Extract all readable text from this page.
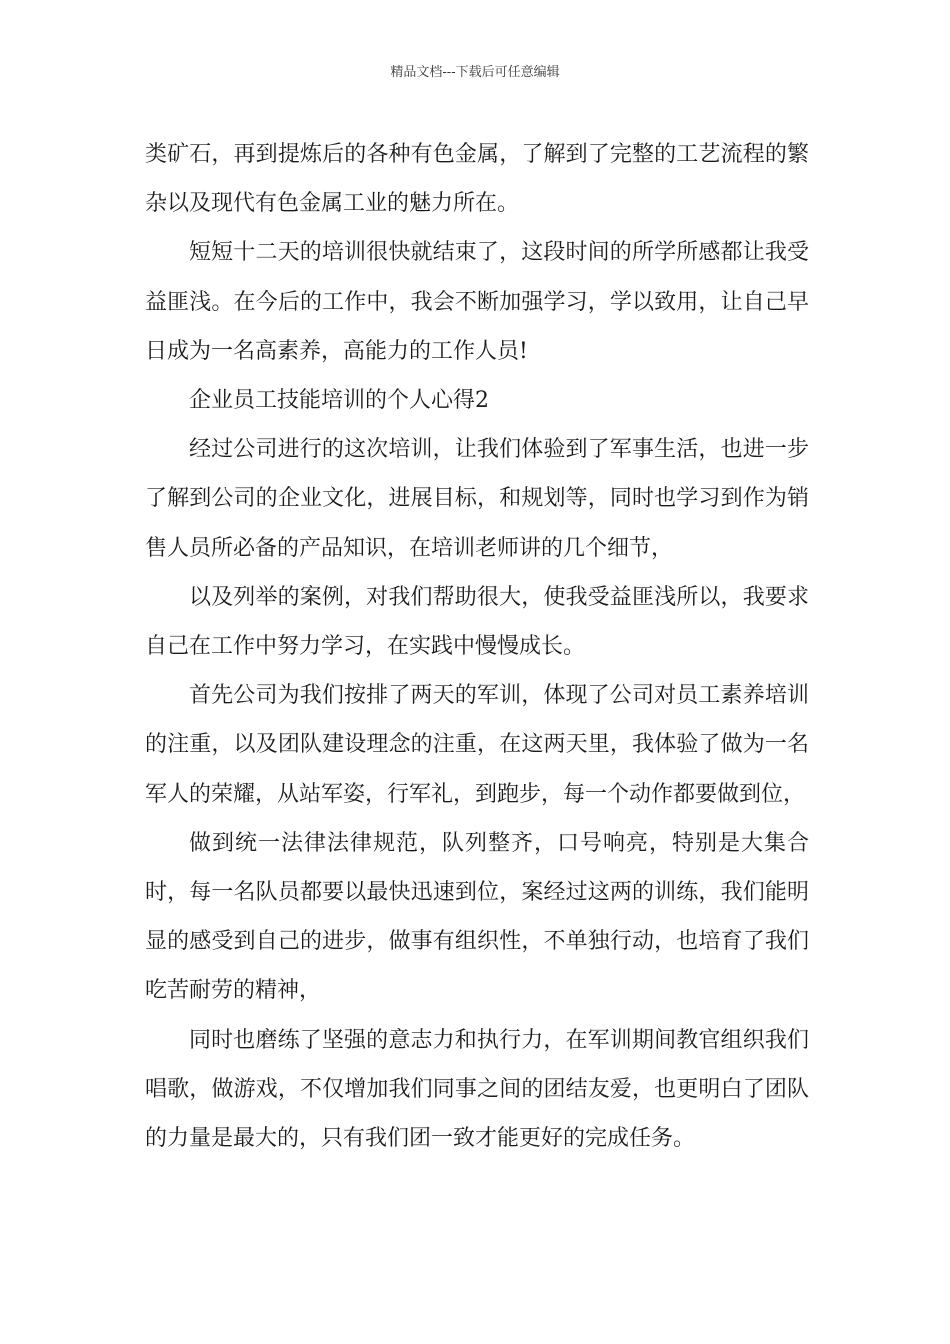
精品文档---下载后可任意编辑

类矿石，再到提炼后的各种有色金属，了解到了完整的工艺流程的繁杂以及现代有色金属工业的魅力所在。

短短十二天的培训很快就结束了，这段时间的所学所感都让我受益匪浅。在今后的工作中，我会不断加强学习，学以致用，让自己早日成为一名高素养，高能力的工作人员!

企业员工技能培训的个人心得2

经过公司进行的这次培训，让我们体验到了军事生活，也进一步了解到公司的企业文化，进展目标，和规划等，同时也学习到作为销售人员所必备的产品知识，在培训老师讲的几个细节，

以及列举的案例，对我们帮助很大，使我受益匪浅所以，我要求自己在工作中努力学习，在实践中慢慢成长。

首先公司为我们按排了两天的军训，体现了公司对员工素养培训的注重，以及团队建设理念的注重，在这两天里，我体验了做为一名军人的荣耀，从站军姿，行军礼，到跑步，每一个动作都要做到位，

做到统一法律法律规范，队列整齐，口号响亮，特别是大集合时，每一名队员都要以最快迅速到位，案经过这两的训练，我们能明显的感受到自己的进步，做事有组织性，不单独行动，也培育了我们吃苦耐劳的精神，

同时也磨练了坚强的意志力和执行力，在军训期间教官组织我们唱歌，做游戏，不仅增加我们同事之间的团结友爱，也更明白了团队的力量是最大的，只有我们团一致才能更好的完成任务。
